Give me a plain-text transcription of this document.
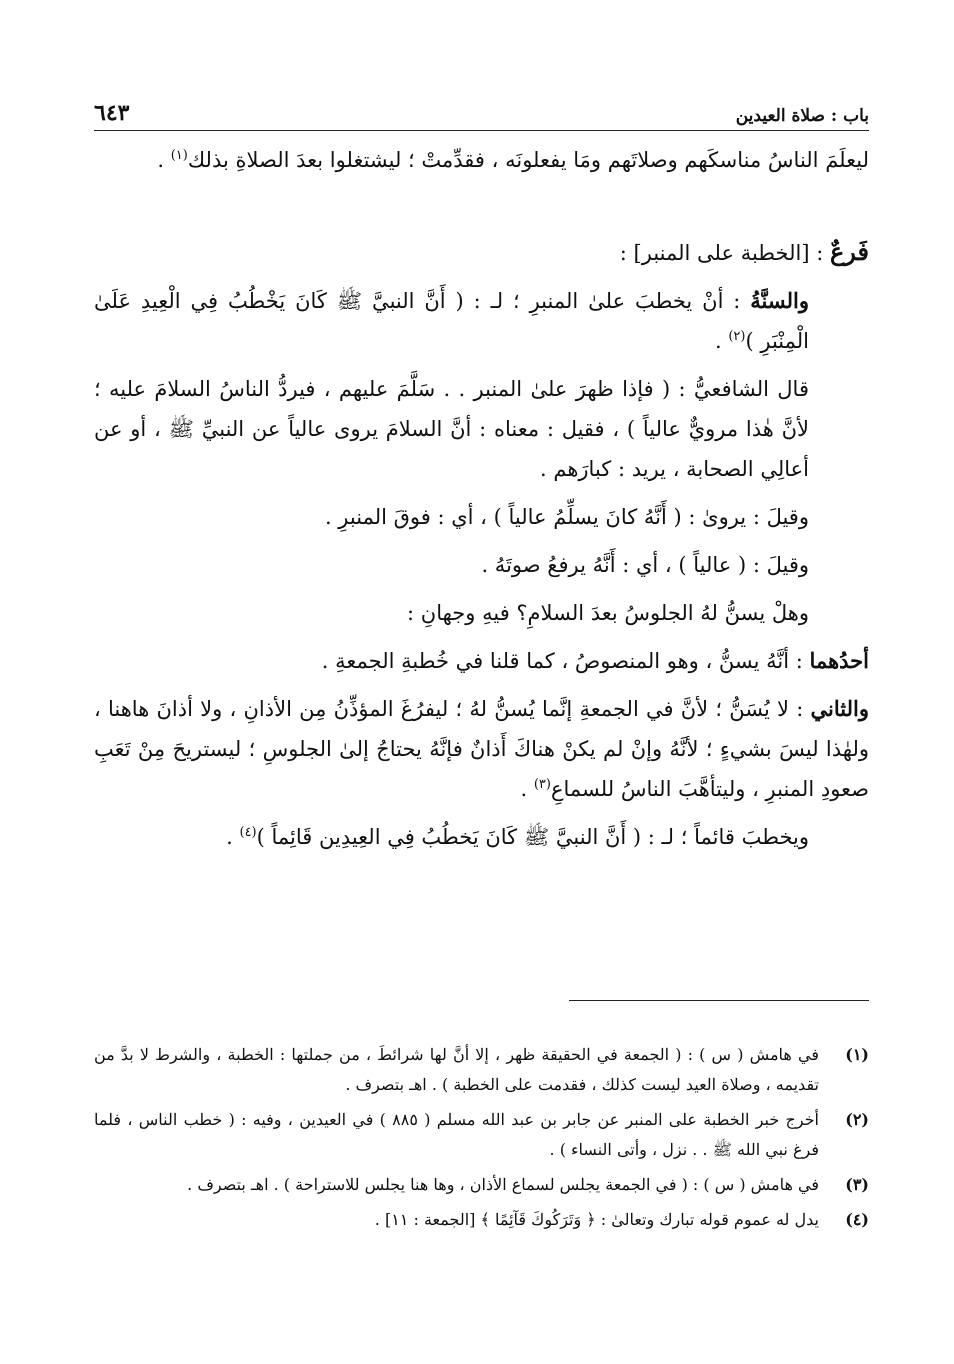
باب : صلاة العيدين
٦٤٣

ليعلَمَ الناسُ مناسكَهم وصلاتَهم ومَا يفعلونَه ، فقدِّمتْ ؛ ليشتغلوا بعدَ الصلاةِ بذلك$^{(١)}$ .

فَرعٌ : [الخطبة على المنبر] :

والسنَّةُ : أنْ يخطبَ علىٰ المنبرِ ؛ لـ : ( أَنَّ النبيَّ ﷺ كَانَ يَخْطُبُ فِي الْعِيدِ عَلَىٰ الْمِنْبَرِ )$^{(٢)}$ .

قال الشافعيُّ : ( فإذا ظهرَ علىٰ المنبر . . سَلَّمَ عليهم ، فيردُّ الناسُ السلامَ عليه ؛ لأنَّ هٰذا مرويٌّ عالياً ) ، فقيل : معناه : أنَّ السلامَ يروى عالياً عن النبيِّ ﷺ ، أو عن أعالِي الصحابة ، يريد : كبارَهم .

وقيلَ : يروىٰ : ( أَنَّهُ كانَ يسلِّمُ عالياً ) ، أي : فوقَ المنبرِ .

وقيلَ : ( عالياً ) ، أي : أَنَّهُ يرفعُ صوتَهُ .

وهلْ يسنُّ لهُ الجلوسُ بعدَ السلامِ؟ فيهِ وجهانِ :

أحدُهما : أنَّهُ يسنُّ ، وهو المنصوصُ ، كما قلنا في خُطبةِ الجمعةِ .

والثاني : لا يُسَنُّ ؛ لأنَّ في الجمعةِ إنَّما يُسنُّ لهُ ؛ ليفرُغَ المؤذِّنُ مِن الأذانِ ، ولا أذانَ هاهنا ، ولهٰذا ليسَ بشيءٍ ؛ لأنَّهُ وإنْ لم يكنْ هناكَ أَذانٌ فإنَّهُ يحتاجُ إلىٰ الجلوسِ ؛ ليستريحَ مِنْ تَعَبِ صعودِ المنبرِ ، وليتأهَّبَ الناسُ للسماعِ$^{(٣)}$ .

ويخطبَ قائماً ؛ لـ : ( أَنَّ النبيَّ ﷺ كَانَ يَخطُبُ فِي العِيدِين قَائِماً )$^{(٤)}$ .

(١)
في هامش ( س ) : ( الجمعة في الحقيقة ظهر ، إلا أنَّ لها شرائطَ ، من جملتها : الخطبة ، والشرط لا بدَّ من تقديمه ، وصلاة العيد ليست كذلك ، فقدمت على الخطبة ) . اهـ بتصرف .
(٢)
أخرج خبر الخطبة على المنبر عن جابر بن عبد الله مسلم ( ٨٨٥ ) في العيدين ، وفيه : ( خطب الناس ، فلما فرغ نبي الله ﷺ . . نزل ، وأتى النساء ) .
(٣)
في هامش ( س ) : ( في الجمعة يجلس لسماع الأذان ، وها هنا يجلس للاستراحة ) . اهـ بتصرف .
(٤)
يدل له عموم قوله تبارك وتعالىٰ : ﴿ وَتَرَكُوكَ قَآئِمًا ﴾ [الجمعة : ١١] .
